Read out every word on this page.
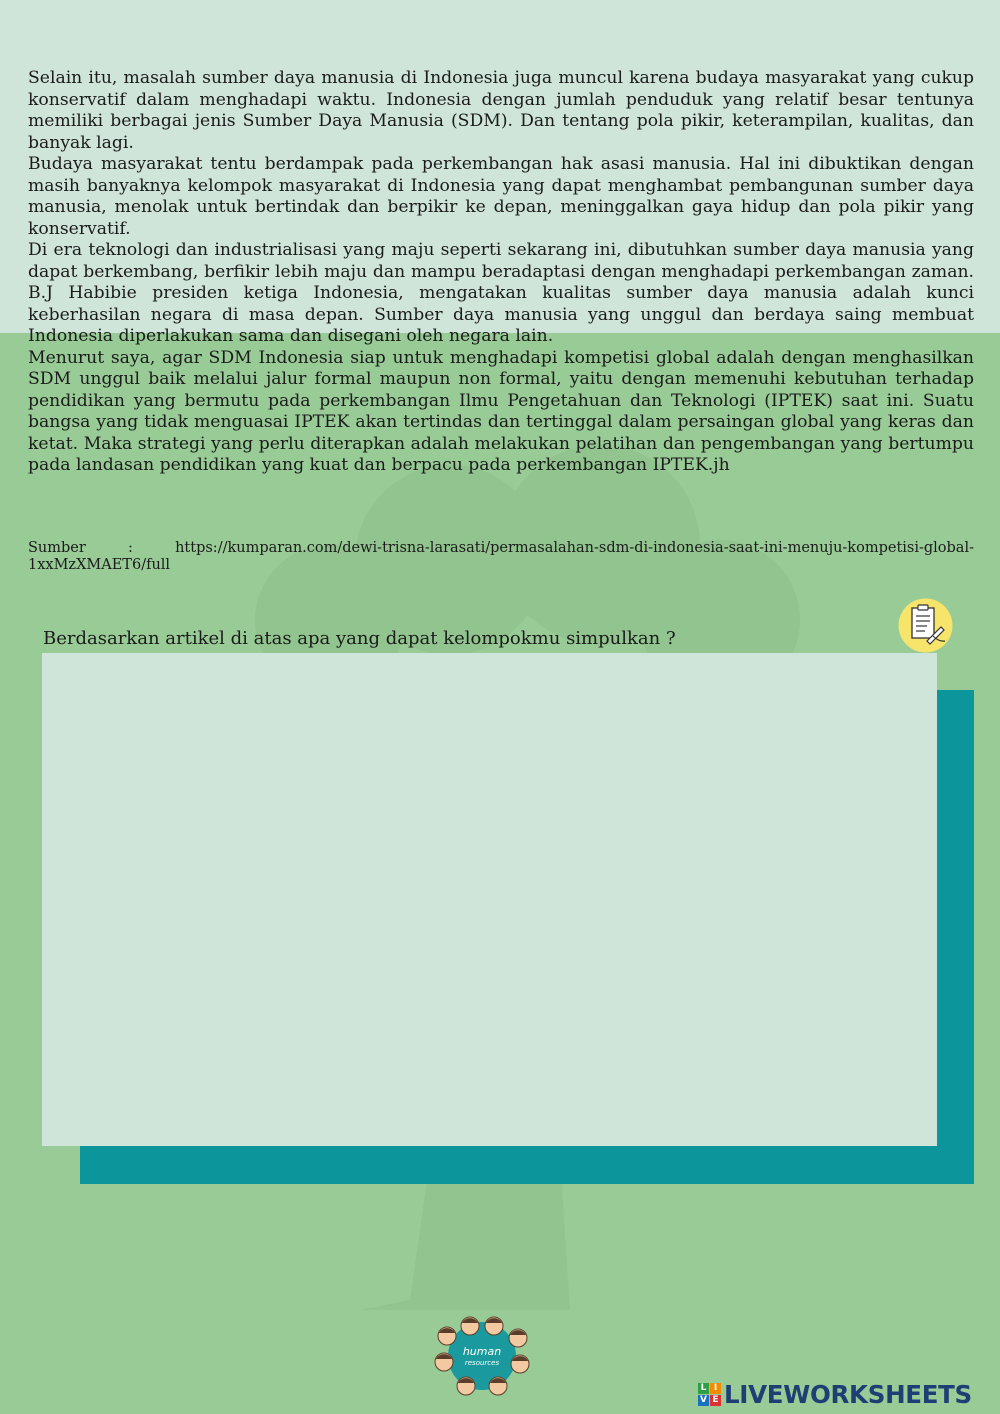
Selain itu, masalah sumber daya manusia di Indonesia juga muncul karena budaya masyarakat yang cukup konservatif dalam menghadapi waktu. Indonesia dengan jumlah penduduk yang relatif besar tentunya memiliki berbagai jenis Sumber Daya Manusia (SDM). Dan tentang pola pikir, keterampilan, kualitas, dan banyak lagi.

Budaya masyarakat tentu berdampak pada perkembangan hak asasi manusia. Hal ini dibuktikan dengan masih banyaknya kelompok masyarakat di Indonesia yang dapat menghambat pembangunan sumber daya manusia, menolak untuk bertindak dan berpikir ke depan, meninggalkan gaya hidup dan pola pikir yang konservatif.

Di era teknologi dan industrialisasi yang maju seperti sekarang ini, dibutuhkan sumber daya manusia yang dapat berkembang, berfikir lebih maju dan mampu beradaptasi dengan menghadapi perkembangan zaman. B.J Habibie presiden ketiga Indonesia, mengatakan kualitas sumber daya manusia adalah kunci keberhasilan negara di masa depan. Sumber daya manusia yang unggul dan berdaya saing membuat Indonesia diperlakukan sama dan disegani oleh negara lain.

Menurut saya, agar SDM Indonesia siap untuk menghadapi kompetisi global adalah dengan menghasilkan SDM unggul baik melalui jalur formal maupun non formal, yaitu dengan memenuhi kebutuhan terhadap pendidikan yang bermutu pada perkembangan Ilmu Pengetahuan dan Teknologi (IPTEK) saat ini. Suatu bangsa yang tidak menguasai IPTEK akan tertindas dan tertinggal dalam persaingan global yang keras dan ketat. Maka strategi yang perlu diterapkan adalah melakukan pelatihan dan pengembangan yang bertumpu pada landasan pendidikan yang kuat dan berpacu pada perkembangan IPTEK.jh

Sumber : https://kumparan.com/dewi-trisna-larasati/permasalahan-sdm-di-indonesia-saat-ini-menuju-kompetisi-global-1xxMzXMAET6/full
Berdasarkan artikel di atas apa yang dapat kelompokmu simpulkan ?
human
resources
L I
V E LIVEWORKSHEETS
